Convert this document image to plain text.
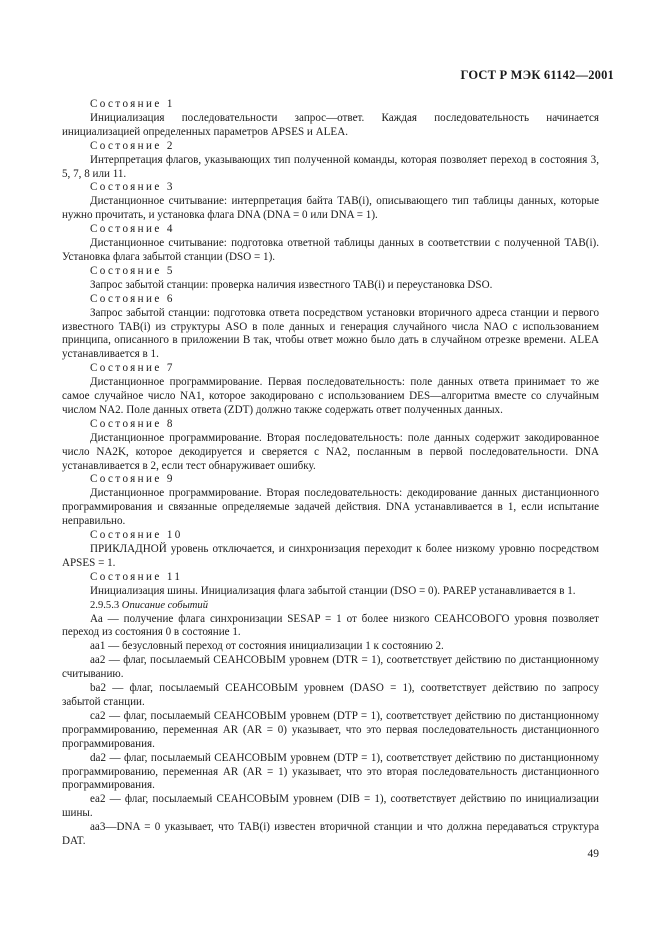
ГОСТ Р МЭК 61142—2001

Состояние 1

Инициализация последовательности запрос—ответ. Каждая последовательность начинается инициализацией определенных параметров APSES и ALEA.

Состояние 2

Интерпретация флагов, указывающих тип полученной команды, которая позволяет переход в состояния 3, 5, 7, 8 или 11.

Состояние 3

Дистанционное считывание: интерпретация байта TAB(i), описывающего тип таблицы данных, которые нужно прочитать, и установка флага DNA (DNA = 0 или DNA = 1).

Состояние 4

Дистанционное считывание: подготовка ответной таблицы данных в соответствии с полученной TAB(i). Установка флага забытой станции (DSO = 1).

Состояние 5

Запрос забытой станции: проверка наличия известного TAB(i) и переустановка DSO.

Состояние 6

Запрос забытой станции: подготовка ответа посредством установки вторичного адреса станции и первого известного TAB(i) из структуры ASO в поле данных и генерация случайного числа NAO с использованием принципа, описанного в приложении В так, чтобы ответ можно было дать в случайном отрезке времени. ALEA устанавливается в 1.

Состояние 7

Дистанционное программирование. Первая последовательность: поле данных ответа принимает то же самое случайное число NA1, которое закодировано с использованием DES—алгоритма вместе со случайным числом NA2. Поле данных ответа (ZDT) должно также содержать ответ полученных данных.

Состояние 8

Дистанционное программирование. Вторая последовательность: поле данных содержит закодированное число NA2K, которое декодируется и сверяется с NA2, посланным в первой последовательности. DNA устанавливается в 2, если тест обнаруживает ошибку.

Состояние 9

Дистанционное программирование. Вторая последовательность: декодирование данных дистанционного программирования и связанные определяемые задачей действия. DNA устанавливается в 1, если испытание неправильно.

Состояние 10

ПРИКЛАДНОЙ уровень отключается, и синхронизация переходит к более низкому уровню посредством APSES = 1.

Состояние 11

Инициализация шины. Инициализация флага забытой станции (DSO = 0). PAREP устанавливается в 1.

2.9.5.3 Описание событий

Аа — получение флага синхронизации SESAP = 1 от более низкого СЕАНСОВОГО уровня позволяет переход из состояния 0 в состояние 1.

аа1 — безусловный переход от состояния инициализации 1 к состоянию 2.

аа2 — флаг, посылаемый СЕАНСОВЫМ уровнем (DTR = 1), соответствует действию по дистанционному считыванию.

bа2 — флаг, посылаемый СЕАНСОВЫМ уровнем (DASO = 1), соответствует действию по запросу забытой станции.

са2 — флаг, посылаемый СЕАНСОВЫМ уровнем (DTP = 1), соответствует действию по дистанционному программированию, переменная AR (AR = 0) указывает, что это первая последовательность дистанционного программирования.

dа2 — флаг, посылаемый СЕАНСОВЫМ уровнем (DTP = 1), соответствует действию по дистанционному программированию, переменная AR (AR = 1) указывает, что это вторая последовательность дистанционного программирования.

еа2 — флаг, посылаемый СЕАНСОВЫМ уровнем (DIB = 1), соответствует действию по инициализации шины.

аа3—DNA = 0 указывает, что TAB(i) известен вторичной станции и что должна передаваться структура DAT.

49
